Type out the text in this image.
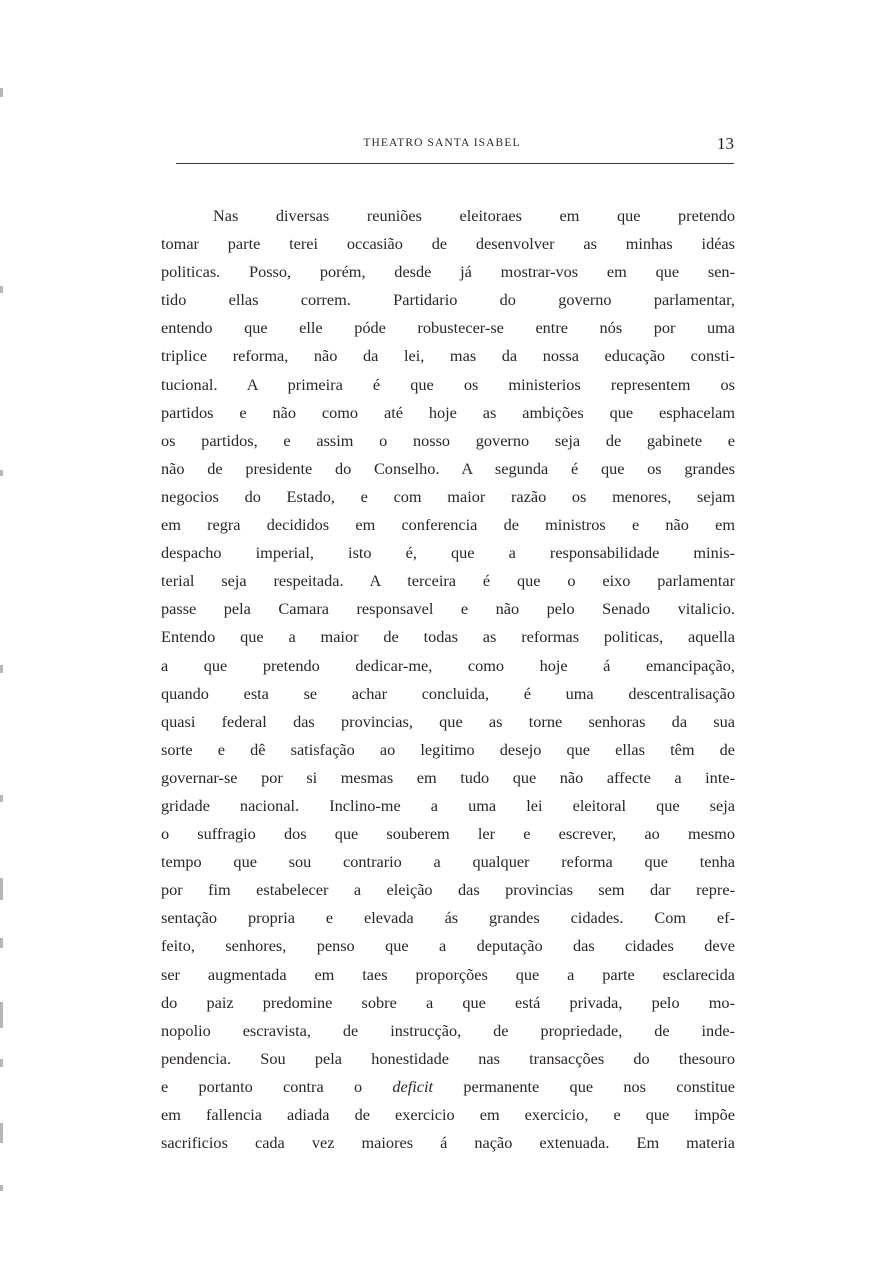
THEATRO SANTA ISABEL	13
Nas diversas reuniões eleitoraes em que pretendo
tomar parte terei occasião de desenvolver as minhas idéas
politicas. Posso, porém, desde já mostrar-vos em que sen-
tido ellas correm. Partidario do governo parlamentar,
entendo que elle póde robustecer-se entre nós por uma
triplice reforma, não da lei, mas da nossa educação consti-
tucional. A primeira é que os ministerios representem os
partidos e não como até hoje as ambições que esphacelam
os partidos, e assim o nosso governo seja de gabinete e
não de presidente do Conselho. A segunda é que os grandes
negocios do Estado, e com maior razão os menores, sejam
em regra decididos em conferencia de ministros e não em
despacho imperial, isto é, que a responsabilidade minis-
terial seja respeitada. A terceira é que o eixo parlamentar
passe pela Camara responsavel e não pelo Senado vitalicio.
Entendo que a maior de todas as reformas politicas, aquella
a que pretendo dedicar-me, como hoje á emancipação,
quando esta se achar concluida, é uma descentralisação
quasi federal das provincias, que as torne senhoras da sua
sorte e dê satisfação ao legitimo desejo que ellas têm de
governar-se por si mesmas em tudo que não affecte a inte-
gridade nacional. Inclino-me a uma lei eleitoral que seja
o suffragio dos que souberem ler e escrever, ao mesmo
tempo que sou contrario a qualquer reforma que tenha
por fim estabelecer a eleição das provincias sem dar repre-
sentação propria e elevada ás grandes cidades. Com ef-
feito, senhores, penso que a deputação das cidades deve
ser augmentada em taes proporções que a parte esclarecida
do paiz predomine sobre a que está privada, pelo mo-
nopolio escravista, de instrucção, de propriedade, de inde-
pendencia. Sou pela honestidade nas transacções do thesouro
e portanto contra o deficit permanente que nos constitue
em fallencia adiada de exercicio em exercicio, e que impõe
sacrificios cada vez maiores á nação extenuada. Em materia
